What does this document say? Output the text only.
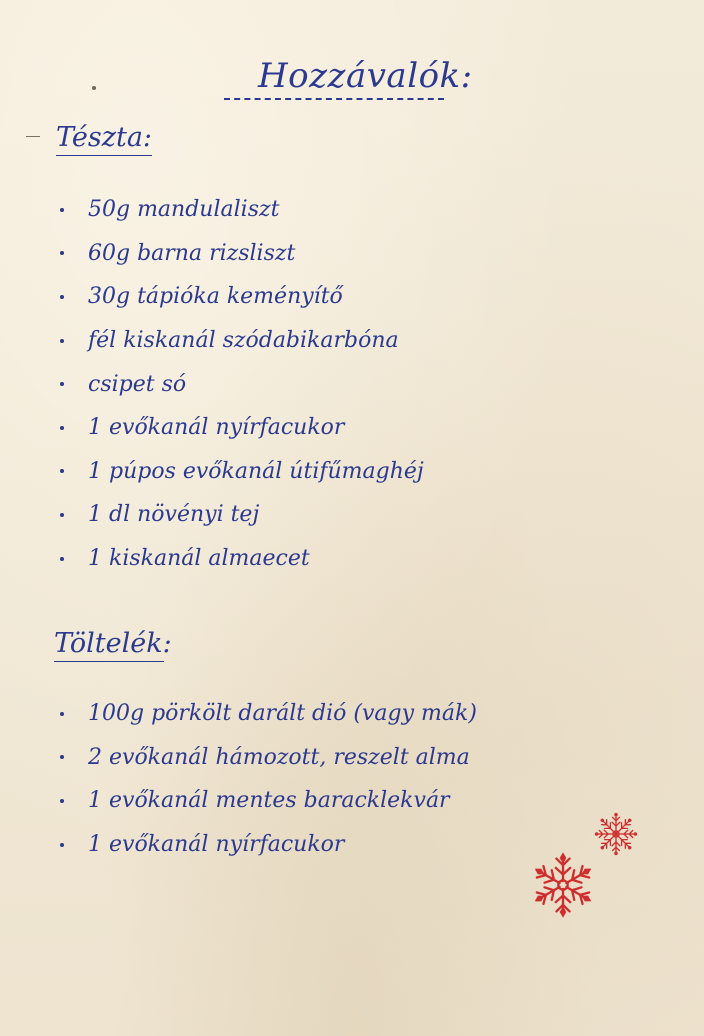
Hozzávalók:
Tészta:
50g mandulaliszt
60g barna rizsliszt
30g tápióka keményítő
fél kiskanál szódabikarbóna
csipet só
1 evőkanál nyírfacukor
1 púpos evőkanál útifűmaghéj
1 dl növényi tej
1 kiskanál almaecet
Töltelék:
100g pörkölt darált dió (vagy mák)
2 evőkanál hámozott, reszelt alma
1 evőkanál mentes baracklekvár
1 evőkanál nyírfacukor
